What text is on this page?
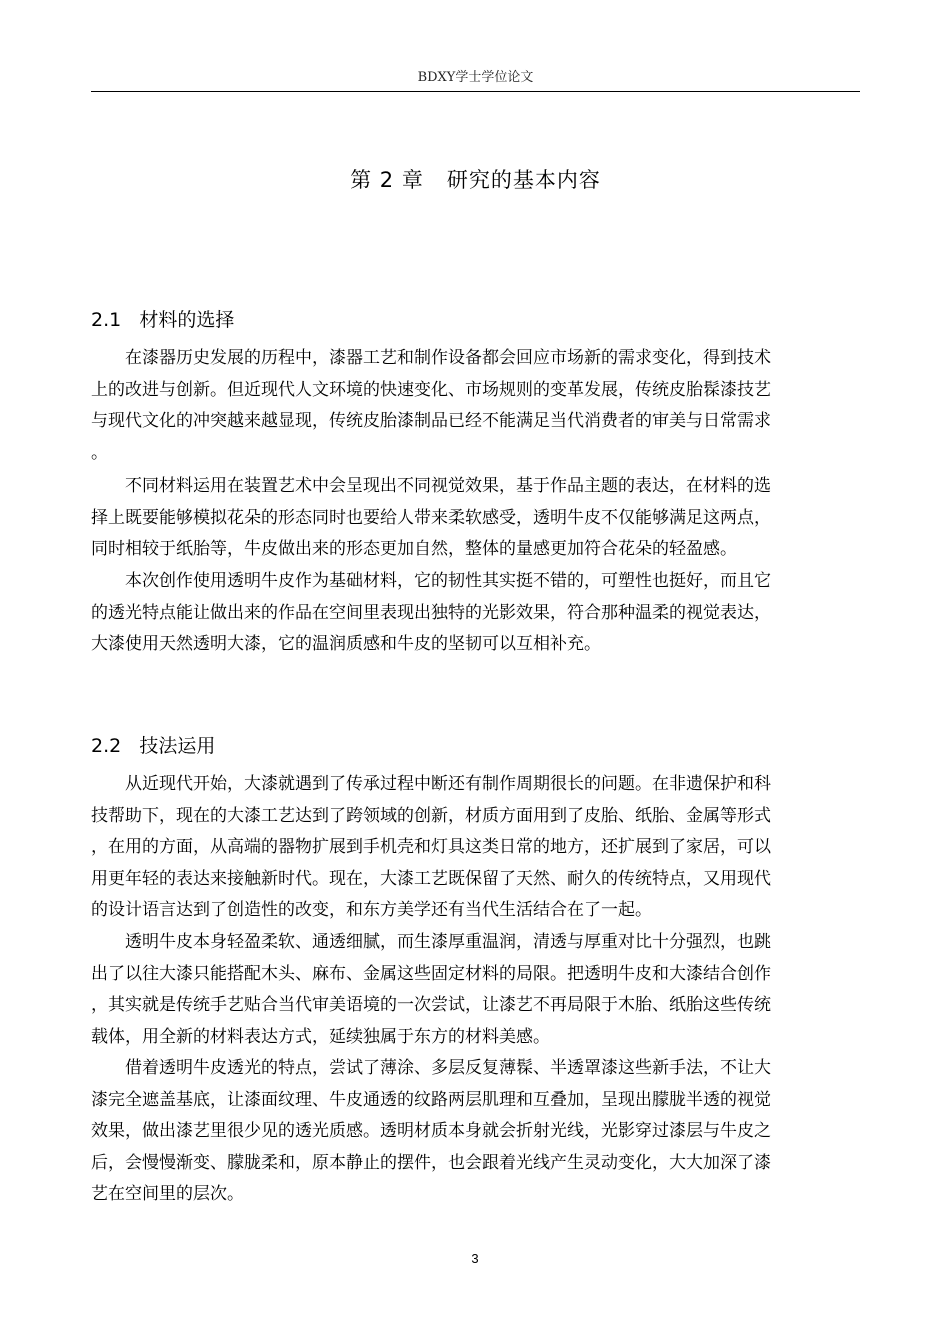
BDXY学士学位论文
第 2 章   研究的基本内容
2.1   材料的选择
　　在漆器历史发展的历程中，漆器工艺和制作设备都会回应市场新的需求变化，得到技术
上的改进与创新。但近现代人文环境的快速变化、市场规则的变革发展，传统皮胎髹漆技艺
与现代文化的冲突越来越显现，传统皮胎漆制品已经不能满足当代消费者的审美与日常需求
。
　　不同材料运用在装置艺术中会呈现出不同视觉效果，基于作品主题的表达，在材料的选
择上既要能够模拟花朵的形态同时也要给人带来柔软感受，透明牛皮不仅能够满足这两点，
同时相较于纸胎等，牛皮做出来的形态更加自然，整体的量感更加符合花朵的轻盈感。
　　本次创作使用透明牛皮作为基础材料，它的韧性其实挺不错的，可塑性也挺好，而且它
的透光特点能让做出来的作品在空间里表现出独特的光影效果，符合那种温柔的视觉表达，
大漆使用天然透明大漆，它的温润质感和牛皮的坚韧可以互相补充。
2.2   技法运用
　　从近现代开始，大漆就遇到了传承过程中断还有制作周期很长的问题。在非遗保护和科
技帮助下，现在的大漆工艺达到了跨领域的创新，材质方面用到了皮胎、纸胎、金属等形式
，在用的方面，从高端的器物扩展到手机壳和灯具这类日常的地方，还扩展到了家居，可以
用更年轻的表达来接触新时代。现在，大漆工艺既保留了天然、耐久的传统特点，又用现代
的设计语言达到了创造性的改变，和东方美学还有当代生活结合在了一起。
　　透明牛皮本身轻盈柔软、通透细腻，而生漆厚重温润，清透与厚重对比十分强烈，也跳
出了以往大漆只能搭配木头、麻布、金属这些固定材料的局限。把透明牛皮和大漆结合创作
，其实就是传统手艺贴合当代审美语境的一次尝试，让漆艺不再局限于木胎、纸胎这些传统
载体，用全新的材料表达方式，延续独属于东方的材料美感。
　　借着透明牛皮透光的特点，尝试了薄涂、多层反复薄髹、半透罩漆这些新手法，不让大
漆完全遮盖基底，让漆面纹理、牛皮通透的纹路两层肌理和互叠加，呈现出朦胧半透的视觉
效果，做出漆艺里很少见的透光质感。透明材质本身就会折射光线，光影穿过漆层与牛皮之
后，会慢慢渐变、朦胧柔和，原本静止的摆件，也会跟着光线产生灵动变化，大大加深了漆
艺在空间里的层次。
3
